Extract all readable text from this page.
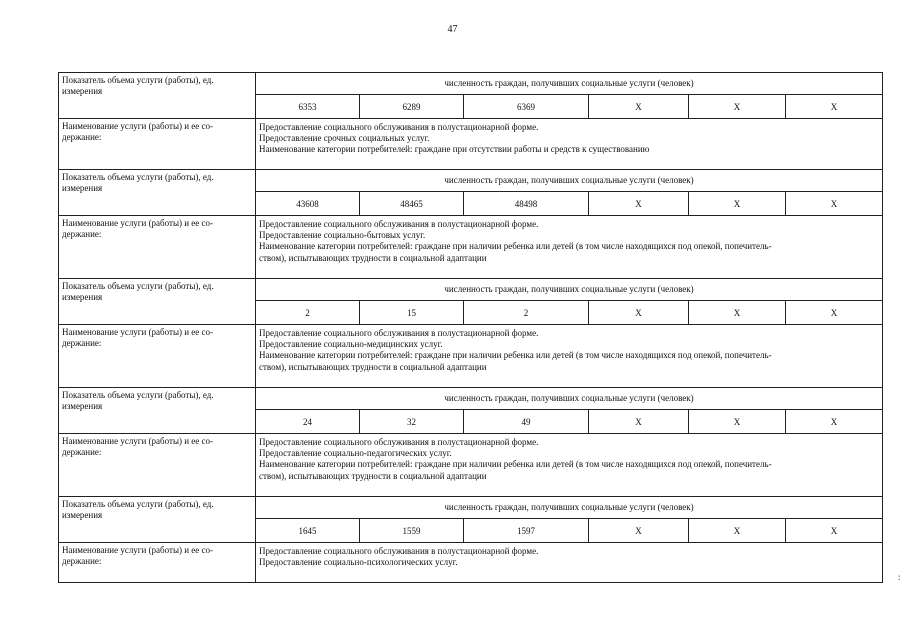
47
Показатель объема услуги (работы), ед. измерения	численность граждан, получивших социальные услуги (человек)					
	6353	6289	6369	X	X	X
Наименование услуги (работы) и ее со-держание:	Предоставление социального обслуживания в полустационарной форме.
Предоставление срочных социальных услуг.
Наименование категории потребителей: граждане при отсутствии работы и средств к существованию					

Показатель объема услуги (работы), ед. измерения	численность граждан, получивших социальные услуги (человек)					
	43608	48465	48498	X	X	X
Наименование услуги (работы) и ее со-держание:	Предоставление социального обслуживания в полустационарной форме.
Предоставление социально-бытовых услуг.
Наименование категории потребителей: граждане при наличии ребенка или детей (в том числе находящихся под опекой, попечитель-
ством), испытывающих трудности в социальной адаптации					

Показатель объема услуги (работы), ед. измерения	численность граждан, получивших социальные услуги (человек)					
	2	15	2	X	X	X
Наименование услуги (работы) и ее со-держание:	Предоставление социального обслуживания в полустационарной форме.
Предоставление социально-медицинских услуг.
Наименование категории потребителей: граждане при наличии ребенка или детей (в том числе находящихся под опекой, попечитель-
ством), испытывающих трудности в социальной адаптации					

Показатель объема услуги (работы), ед. измерения	численность граждан, получивших социальные услуги (человек)					
	24	32	49	X	X	X
Наименование услуги (работы) и ее со-держание:	Предоставление социального обслуживания в полустационарной форме.
Предоставление социально-педагогических услуг.
Наименование категории потребителей: граждане при наличии ребенка или детей (в том числе находящихся под опекой, попечитель-
ством), испытывающих трудности в социальной адаптации					

Показатель объема услуги (работы), ед. измерения	численность граждан, получивших социальные услуги (человек)					
	1645	1559	1597	X	X	X
Наименование услуги (работы) и ее со-держание:	Предоставление социального обслуживания в полустационарной форме.
Предоставление социально-психологических услуг.					
:
